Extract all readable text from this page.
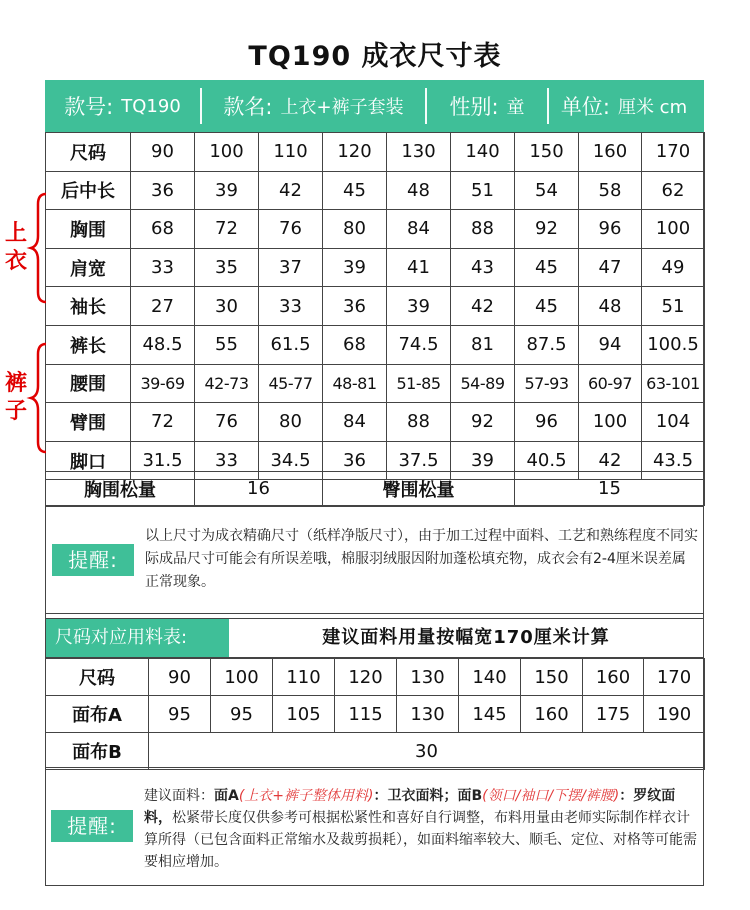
TQ190 成衣尺寸表
款号: TQ190 款名: 上衣+裤子套装 性别: 童 单位: 厘米 cm
尺码	90	100	110	120	130	140	150	160	170
后中长	36	39	42	45	48	51	54	58	62
胸围	68	72	76	80	84	88	92	96	100
肩宽	33	35	37	39	41	43	45	47	49
袖长	27	30	33	36	39	42	45	48	51
裤长	48.5	55	61.5	68	74.5	81	87.5	94	100.5
腰围	39-69	42-73	45-77	48-81	51-85	54-89	57-93	60-97	63-101
臂围	72	76	80	84	88	92	96	100	104
脚口	31.5	33	34.5	36	37.5	39	40.5	42	43.5
胸围松量	16	臀围松量	15
提醒:
以上尺寸为成衣精确尺寸（纸样净版尺寸），由于加工过程中面料、工艺和熟练程度不同实际成品尺寸可能会有所误差哦，棉服羽绒服因附加蓬松填充物，成衣会有2-4厘米误差属正常现象。
尺码对应用料表:	建议面料用量按幅宽170厘米计算
尺码	90	100	110	120	130	140	150	160	170
面布A	95	95	105	115	130	145	160	175	190
面布B	30								
提醒:
建议面料：面A(上衣+裤子整体用料)：卫衣面料；面B(领口/袖口/下摆/裤腰)：罗纹面料，松紧带长度仅供参考可根据松紧性和喜好自行调整，布料用量由老师实际制作样衣计算所得（已包含面料正常缩水及裁剪损耗），如面料缩率较大、顺毛、定位、对格等可能需要相应增加。
上衣
裤子
